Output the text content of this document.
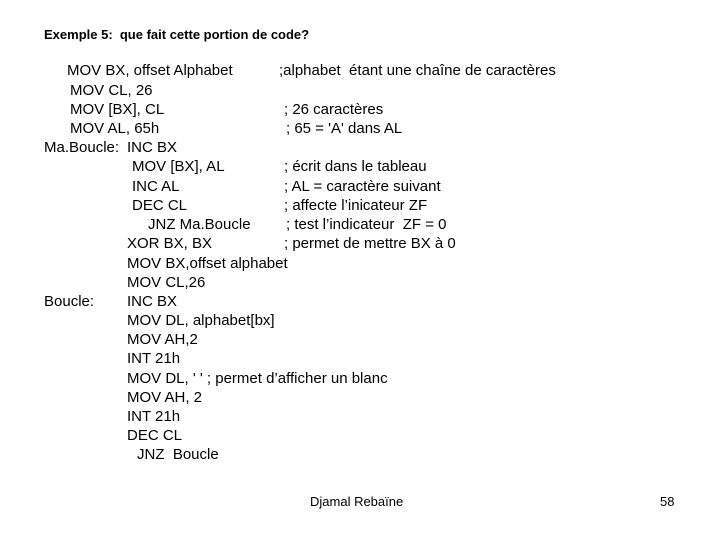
Exemple 5:  que fait cette portion de code?
MOV BX, offset Alphabet	;alphabet  étant une chaîne de caractères
MOV CL, 26
MOV [BX], CL	; 26 caractères
MOV AL, 65h	; 65 = 'A' dans AL
Ma.Boucle: INC BX
MOV [BX], AL	; écrit dans le tableau
INC AL	; AL = caractère suivant
DEC CL	; affecte l’inicateur ZF
JNZ Ma.Boucle ; test l’indicateur  ZF = 0
XOR BX, BX	; permet de mettre BX à 0
MOV BX,offset alphabet
MOV CL,26
Boucle: INC BX
MOV DL, alphabet[bx]
MOV AH,2
INT 21h
MOV DL, ' ' ; permet d’afficher un blanc
MOV AH, 2
INT 21h
DEC CL
JNZ  Boucle
Djamal Rebaïne	58
